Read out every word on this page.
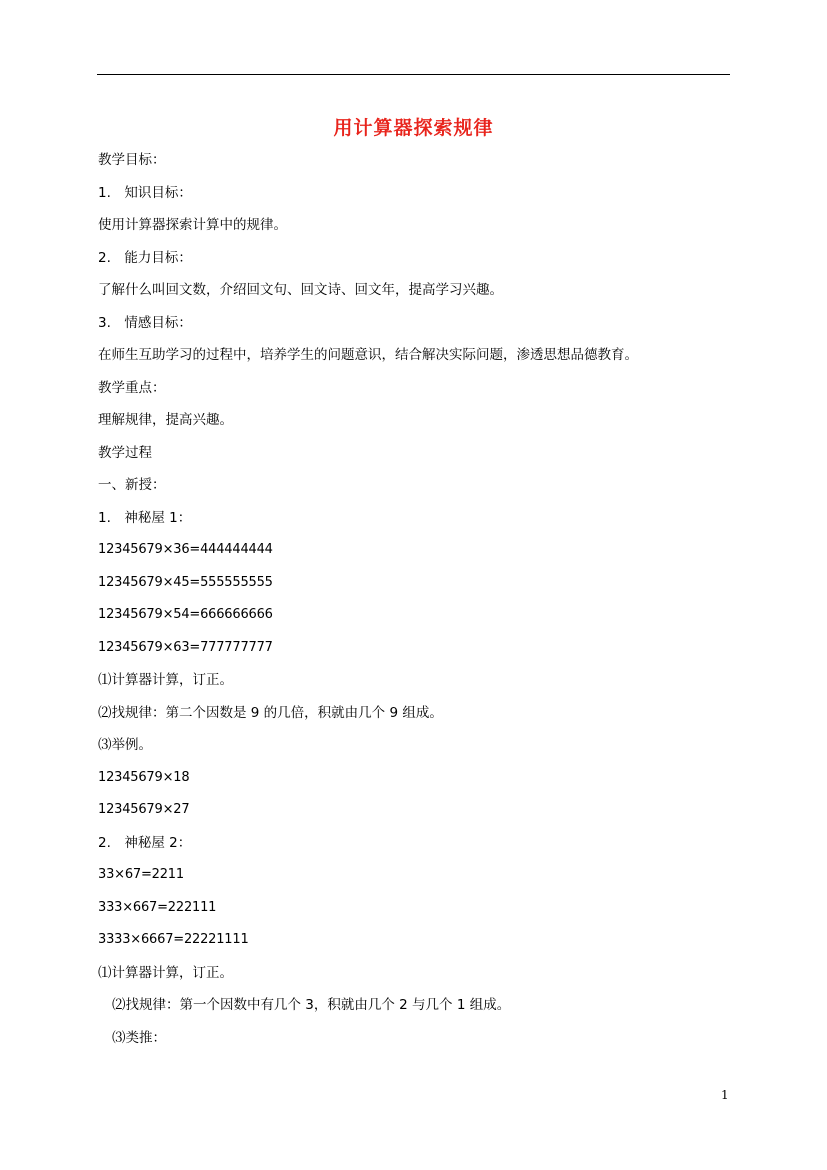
用计算器探索规律
教学目标：
1.　知识目标：
使用计算器探索计算中的规律。
2.　能力目标：
了解什么叫回文数，介绍回文句、回文诗、回文年，提高学习兴趣。
3.　情感目标：
在师生互助学习的过程中，培养学生的问题意识，结合解决实际问题，渗透思想品德教育。
教学重点：
理解规律，提高兴趣。
教学过程
一、新授：
1.　神秘屋 1：
12345679×36=444444444
12345679×45=555555555
12345679×54=666666666
12345679×63=777777777
⑴计算器计算，订正。
⑵找规律：第二个因数是 9 的几倍，积就由几个 9 组成。
⑶举例。
12345679×18
12345679×27
2.　神秘屋 2：
33×67=2211
333×667=222111
3333×6667=22221111
⑴计算器计算，订正。
⑵找规律：第一个因数中有几个 3，积就由几个 2 与几个 1 组成。
⑶类推：
1
